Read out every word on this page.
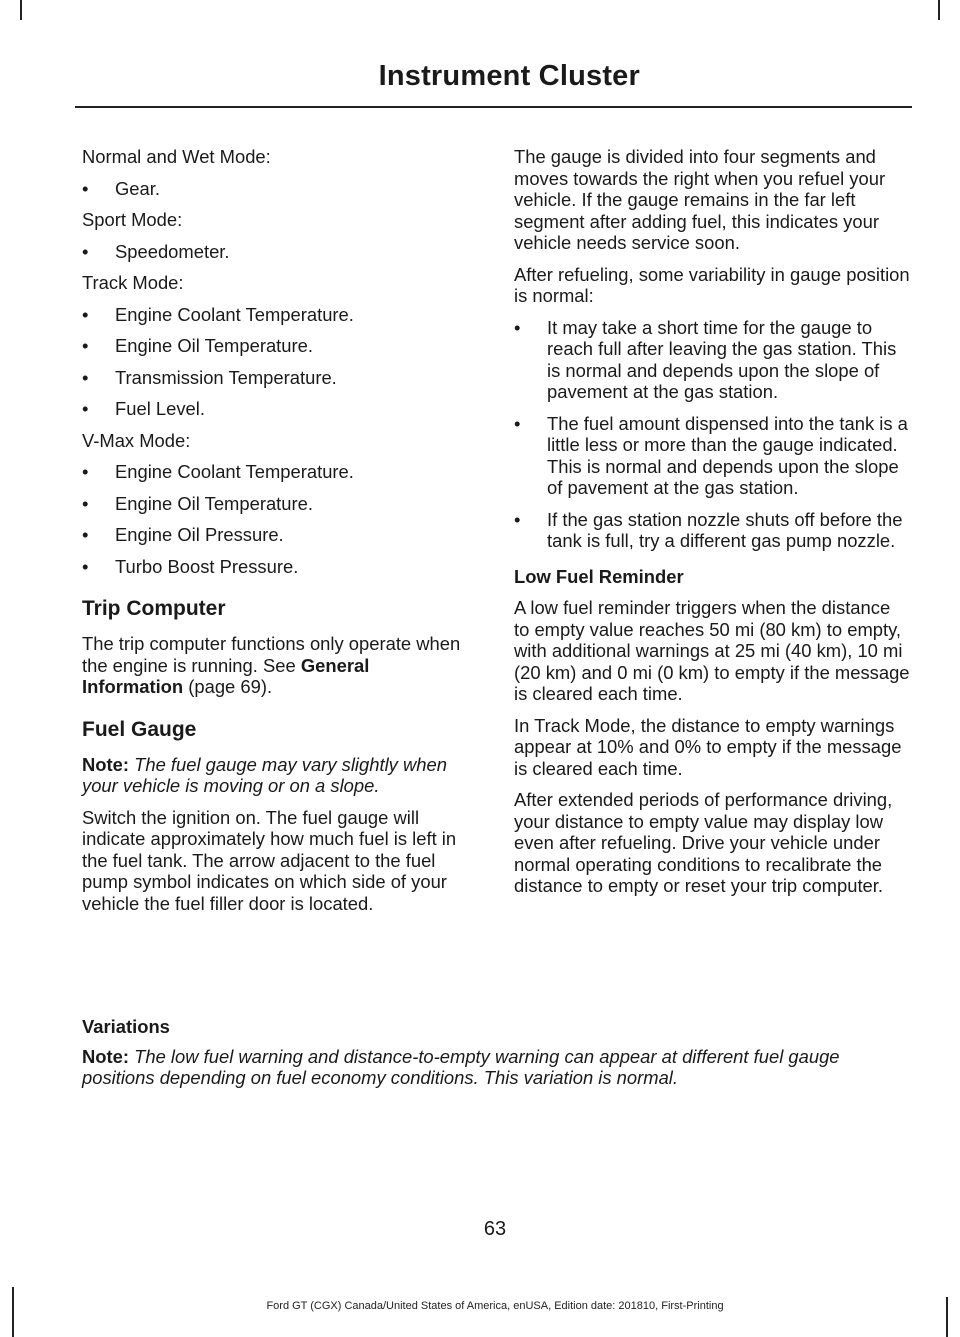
Instrument Cluster
Normal and Wet Mode:
• Gear.
Sport Mode:
• Speedometer.
Track Mode:
• Engine Coolant Temperature.
• Engine Oil Temperature.
• Transmission Temperature.
• Fuel Level.
V-Max Mode:
• Engine Coolant Temperature.
• Engine Oil Temperature.
• Engine Oil Pressure.
• Turbo Boost Pressure.
Trip Computer
The trip computer functions only operate when the engine is running. See General Information (page 69).
Fuel Gauge
Note: The fuel gauge may vary slightly when your vehicle is moving or on a slope.
Switch the ignition on. The fuel gauge will indicate approximately how much fuel is left in the fuel tank. The arrow adjacent to the fuel pump symbol indicates on which side of your vehicle the fuel filler door is located.
The gauge is divided into four segments and moves towards the right when you refuel your vehicle. If the gauge remains in the far left segment after adding fuel, this indicates your vehicle needs service soon.
After refueling, some variability in gauge position is normal:
• It may take a short time for the gauge to reach full after leaving the gas station. This is normal and depends upon the slope of pavement at the gas station.
• The fuel amount dispensed into the tank is a little less or more than the gauge indicated. This is normal and depends upon the slope of pavement at the gas station.
• If the gas station nozzle shuts off before the tank is full, try a different gas pump nozzle.
Low Fuel Reminder
A low fuel reminder triggers when the distance to empty value reaches 50 mi (80 km) to empty, with additional warnings at 25 mi (40 km), 10 mi (20 km) and 0 mi (0 km) to empty if the message is cleared each time.
In Track Mode, the distance to empty warnings appear at 10% and 0% to empty if the message is cleared each time.
After extended periods of performance driving, your distance to empty value may display low even after refueling. Drive your vehicle under normal operating conditions to recalibrate the distance to empty or reset your trip computer.
Variations
Note: The low fuel warning and distance-to-empty warning can appear at different fuel gauge positions depending on fuel economy conditions. This variation is normal.
63
Ford GT (CGX) Canada/United States of America, enUSA, Edition date: 201810, First-Printing
